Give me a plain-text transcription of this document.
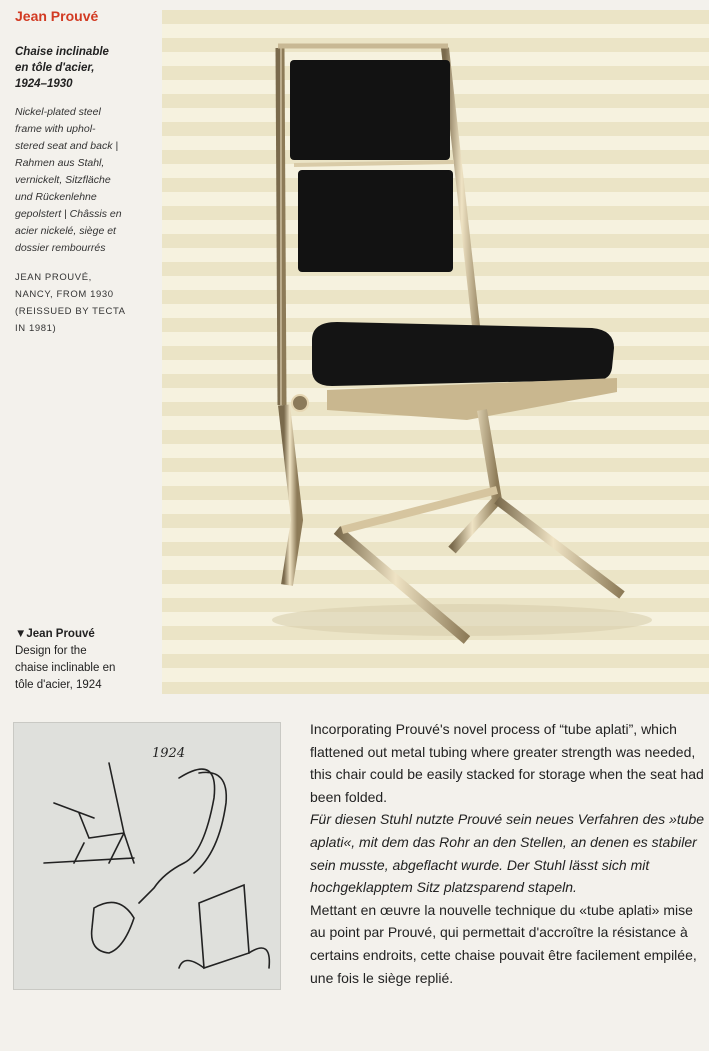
Jean Prouvé
Chaise inclinable
en tôle d'acier,
1924–1930
Nickel-plated steel
frame with uphol-
stered seat and back |
Rahmen aus Stahl,
vernickelt, Sitzfläche
und Rückenlehne
gepolstert | Châssis en
acier nickelé, siège et
dossier rembourrés
JEAN PROUVÉ,
NANCY, FROM 1930
(REISSUED BY TECTA
IN 1981)
▼Jean Prouvé
Design for the
chaise inclinable en
tôle d'acier, 1924
1924

Incorporating Prouvé's novel process of “tube aplati”, which flattened out metal tubing where greater strength was needed, this chair could be easily stacked for storage when the seat had been folded.

Für diesen Stuhl nutzte Prouvé sein neues Verfahren des »tube aplati«, mit dem das Rohr an den Stellen, an denen es stabiler sein musste, abgeflacht wurde. Der Stuhl lässt sich mit hochgeklapptem Sitz platzsparend stapeln.

Mettant en œuvre la nouvelle technique du «tube aplati» mise au point par Prouvé, qui permettait d'accroître la résistance à certains endroits, cette chaise pouvait être facilement empilée, une fois le siège replié.
